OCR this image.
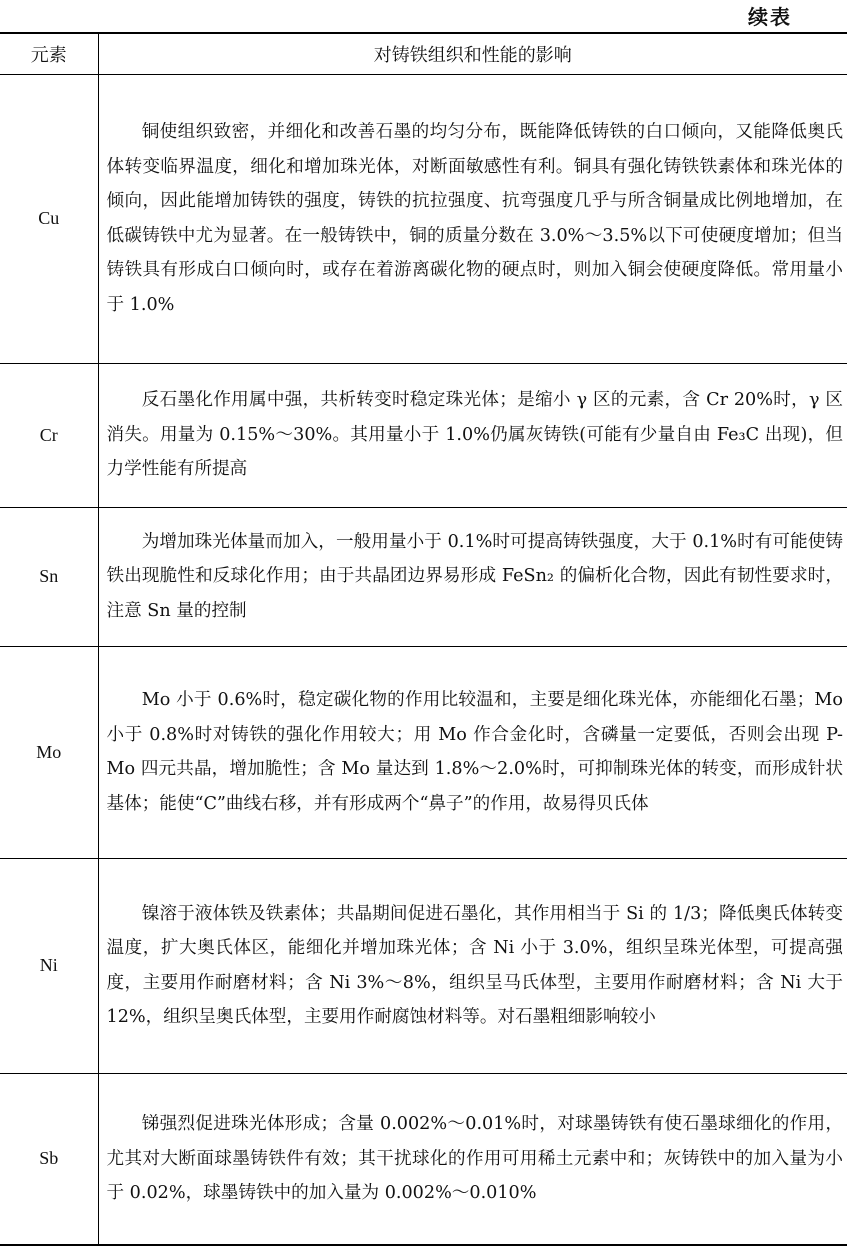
续表
元素	对铸铁组织和性能的影响
Cu	铜使组织致密，并细化和改善石墨的均匀分布，既能降低铸铁的白口倾向，又能降低奥氏体转变临界温度，细化和增加珠光体，对断面敏感性有利。铜具有强化铸铁铁素体和珠光体的倾向，因此能增加铸铁的强度，铸铁的抗拉强度、抗弯强度几乎与所含铜量成比例地增加，在低碳铸铁中尤为显著。在一般铸铁中，铜的质量分数在 3.0%～3.5%以下可使硬度增加；但当铸铁具有形成白口倾向时，或存在着游离碳化物的硬点时，则加入铜会使硬度降低。常用量小于 1.0%

Cr	反石墨化作用属中强，共析转变时稳定珠光体；是缩小 γ 区的元素，含 Cr 20%时，γ 区消失。用量为 0.15%～30%。其用量小于 1.0%仍属灰铸铁(可能有少量自由 Fe₃C 出现)，但力学性能有所提高

Sn	为增加珠光体量而加入，一般用量小于 0.1%时可提高铸铁强度，大于 0.1%时有可能使铸铁出现脆性和反球化作用；由于共晶团边界易形成 FeSn₂ 的偏析化合物，因此有韧性要求时，注意 Sn 量的控制

Mo	Mo 小于 0.6%时，稳定碳化物的作用比较温和，主要是细化珠光体，亦能细化石墨；Mo 小于 0.8%时对铸铁的强化作用较大；用 Mo 作合金化时，含磷量一定要低，否则会出现 P-Mo 四元共晶，增加脆性；含 Mo 量达到 1.8%～2.0%时，可抑制珠光体的转变，而形成针状基体；能使“C”曲线右移，并有形成两个“鼻子”的作用，故易得贝氏体

Ni	镍溶于液体铁及铁素体；共晶期间促进石墨化，其作用相当于 Si 的 1/3；降低奥氏体转变温度，扩大奥氏体区，能细化并增加珠光体；含 Ni 小于 3.0%，组织呈珠光体型，可提高强度，主要用作耐磨材料；含 Ni 3%～8%，组织呈马氏体型，主要用作耐磨材料；含 Ni 大于 12%，组织呈奥氏体型，主要用作耐腐蚀材料等。对石墨粗细影响较小

Sb	锑强烈促进珠光体形成；含量 0.002%～0.01%时，对球墨铸铁有使石墨球细化的作用，尤其对大断面球墨铸铁件有效；其干扰球化的作用可用稀土元素中和；灰铸铁中的加入量为小于 0.02%，球墨铸铁中的加入量为 0.002%～0.010%
